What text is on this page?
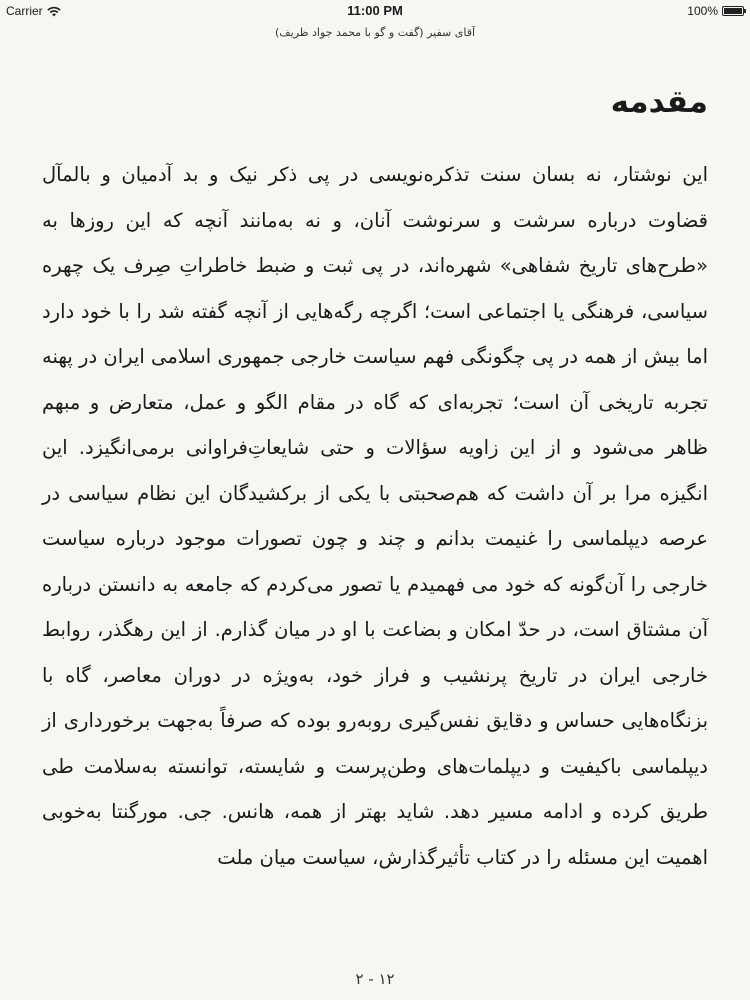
Carrier	11:00 PM	100%
آقای سفیر (گفت و گو با محمد جواد ظریف)
مقدمه

این نوشتار، نه بسان سنت تذکره‌نویسی در پی ذکر نیک و بد آدمیان و بالمآل قضاوت درباره سرشت و سرنوشت آنان، و نه به‌مانند آنچه که این روزها به «طرح‌های تاریخ شفاهی» شهره‌اند، در پی ثبت و ضبط خاطراتِ صِرف یک چهره سیاسی، فرهنگی یا اجتماعی است؛ اگرچه رگه‌هایی از آنچه گفته شد را با خود دارد اما بیش از همه در پی چگونگی فهم سیاست خارجی جمهوری اسلامی ایران در پهنه تجربه تاریخی آن است؛ تجربه‌ای که گاه در مقام الگو و عمل، متعارض و مبهم ظاهر می‌شود و از این زاویه سؤالات و حتی شایعاتِ‌فراوانی برمی‌انگیزد. این انگیزه مرا بر آن داشت که هم‌صحبتی با یکی از برکشیدگان این نظام سیاسی در عرصه دیپلماسی را غنیمت بدانم و چند و چون تصورات موجود درباره سیاست خارجی را آن‌گونه که خود می فهمیدم یا تصور می‌کردم که جامعه به دانستن درباره آن مشتاق است، در حدّ امکان و بضاعت با او در میان گذارم. از این رهگذر، روابط خارجی ایران در تاریخ پرنشیب و فراز خود، به‌ویژه در دوران معاصر، گاه با بزنگاه‌هایی حساس و دقایق نفس‌گیری روبه‌رو بوده که صرفاً به‌جهت برخورداری از دیپلماسی باکیفیت و دیپلمات‌های وطن‌پرست و شایسته، توانسته به‌سلامت طی طریق کرده و ادامه مسیر دهد. شاید بهتر از همه، هانس. جی. مورگنتا به‌خوبی اهمیت این مسئله را در کتاب تأثیرگذارش، سیاست میان ملت

۲ - ۱۲
